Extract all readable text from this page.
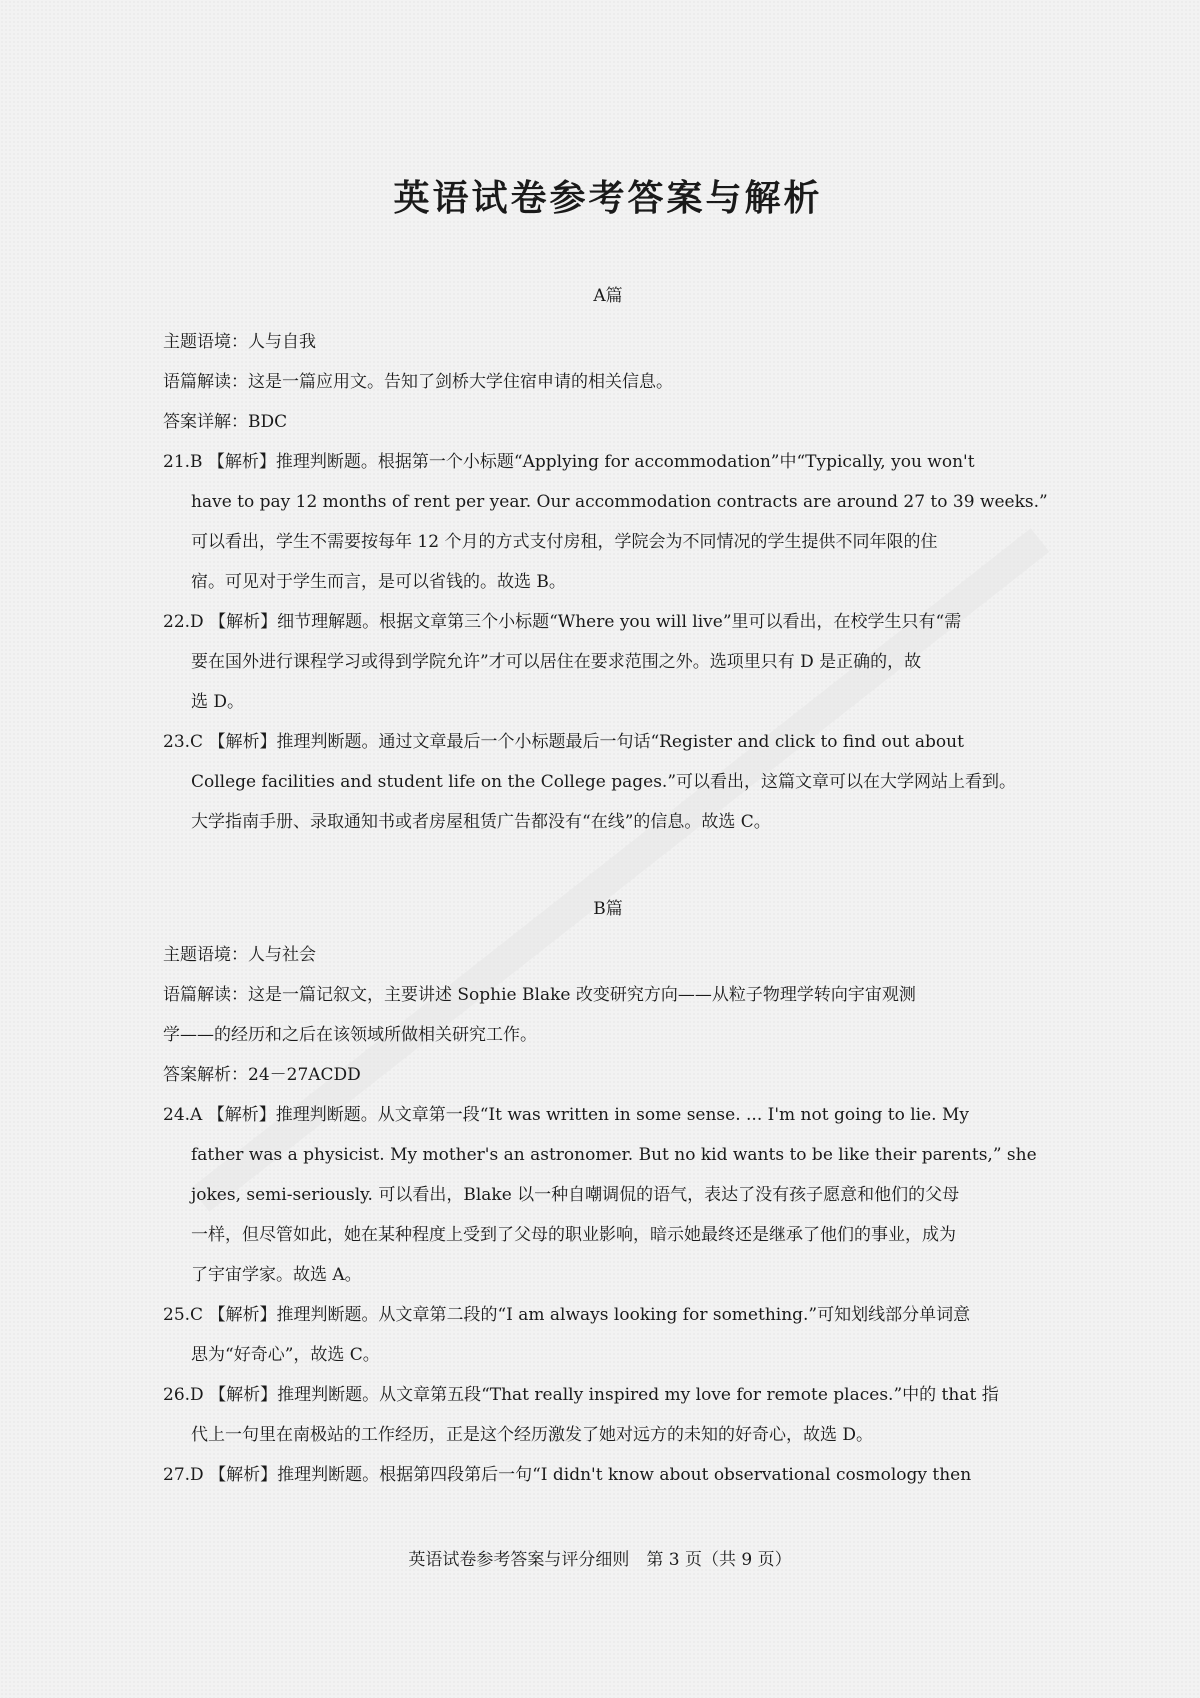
英语试卷参考答案与解析

A篇

主题语境：人与自我

语篇解读：这是一篇应用文。告知了剑桥大学住宿申请的相关信息。

答案详解：BDC

21.B 【解析】推理判断题。根据第一个小标题“Applying for accommodation”中“Typically, you won't

have to pay 12 months of rent per year. Our accommodation contracts are around 27 to 39 weeks.”

可以看出，学生不需要按每年 12 个月的方式支付房租，学院会为不同情况的学生提供不同年限的住

宿。可见对于学生而言，是可以省钱的。故选 B。

22.D 【解析】细节理解题。根据文章第三个小标题“Where you will live”里可以看出，在校学生只有“需

要在国外进行课程学习或得到学院允许”才可以居住在要求范围之外。选项里只有 D 是正确的，故

选 D。

23.C 【解析】推理判断题。通过文章最后一个小标题最后一句话“Register and click to find out about

College facilities and student life on the College pages.”可以看出，这篇文章可以在大学网站上看到。

大学指南手册、录取通知书或者房屋租赁广告都没有“在线”的信息。故选 C。

B篇

主题语境：人与社会

语篇解读：这是一篇记叙文，主要讲述 Sophie Blake 改变研究方向——从粒子物理学转向宇宙观测

学——的经历和之后在该领域所做相关研究工作。

答案解析：24－27ACDD

24.A 【解析】推理判断题。从文章第一段“It was written in some sense. ... I'm not going to lie. My

father was a physicist. My mother's an astronomer. But no kid wants to be like their parents,” she

jokes, semi-seriously. 可以看出，Blake 以一种自嘲调侃的语气，表达了没有孩子愿意和他们的父母

一样，但尽管如此，她在某种程度上受到了父母的职业影响，暗示她最终还是继承了他们的事业，成为

了宇宙学家。故选 A。

25.C 【解析】推理判断题。从文章第二段的“I am always looking for something.”可知划线部分单词意

思为“好奇心”，故选 C。

26.D 【解析】推理判断题。从文章第五段“That really inspired my love for remote places.”中的 that 指

代上一句里在南极站的工作经历，正是这个经历激发了她对远方的未知的好奇心，故选 D。

27.D 【解析】推理判断题。根据第四段第后一句“I didn't know about observational cosmology then

英语试卷参考答案与评分细则　第 3 页（共 9 页）
